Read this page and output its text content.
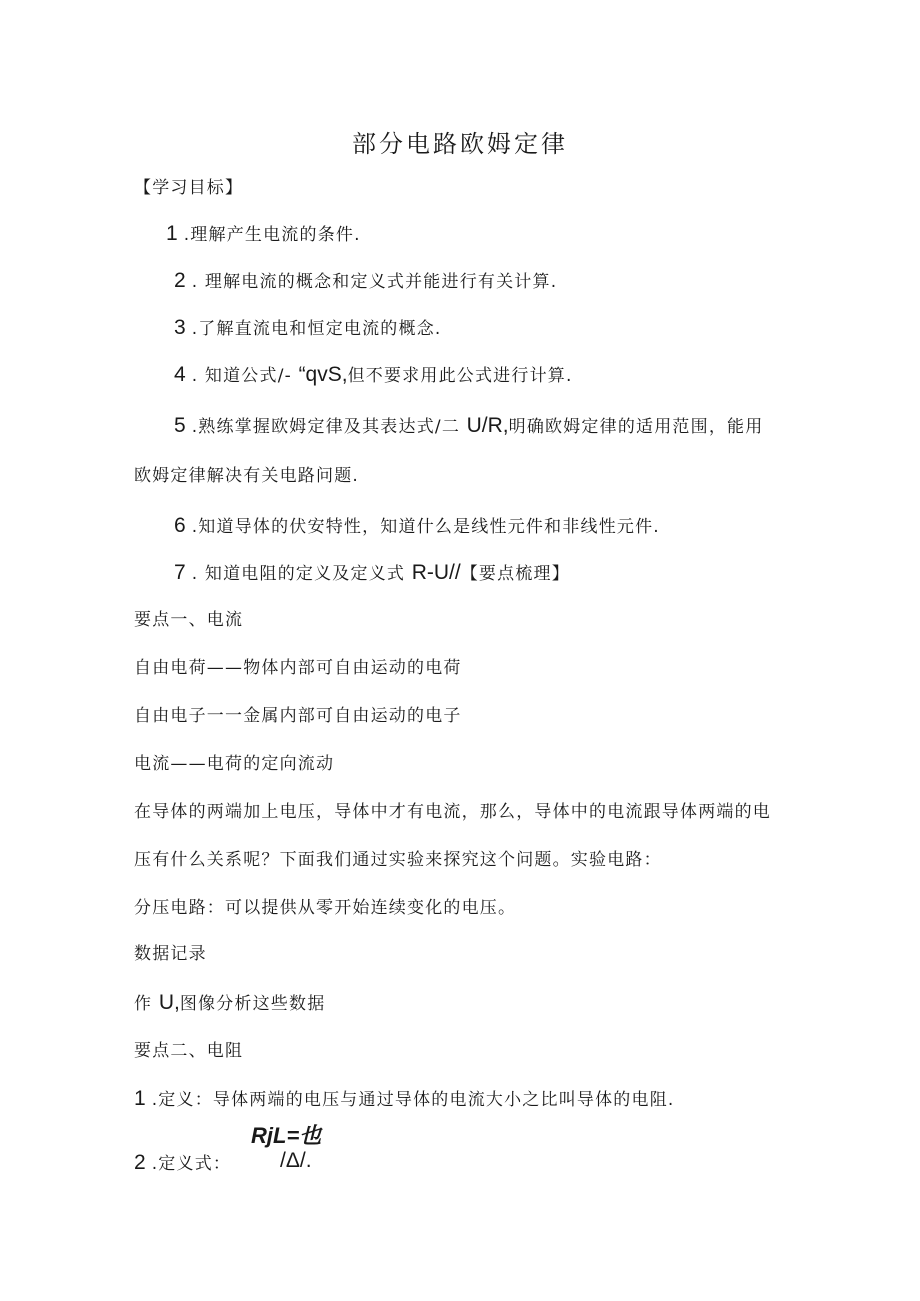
部分电路欧姆定律
【学习目标】
1 .理解产生电流的条件.
2 . 理解电流的概念和定义式并能进行有关计算.
3 .了解直流电和恒定电流的概念.
4 . 知道公式/- “qvS,但不要求用此公式进行计算.
5 .熟练掌握欧姆定律及其表达式/二 U/R,明确欧姆定律的适用范围，能用
欧姆定律解决有关电路问题.
6 .知道导体的伏安特性，知道什么是线性元件和非线性元件.
7 . 知道电阻的定义及定义式 R-U//【要点梳理】
要点一、电流
自由电荷——物体内部可自由运动的电荷
自由电子一一金属内部可自由运动的电子
电流——电荷的定向流动
在导体的两端加上电压，导体中才有电流，那么，导体中的电流跟导体两端的电
压有什么关系呢？下面我们通过实验来探究这个问题。实验电路：
分压电路：可以提供从零开始连续变化的电压。
数据记录
作 U,图像分析这些数据
要点二、电阻
1 .定义：导体两端的电压与通过导体的电流大小之比叫导体的电阻.
RjL=也
2 .定义式： /Δ/.
